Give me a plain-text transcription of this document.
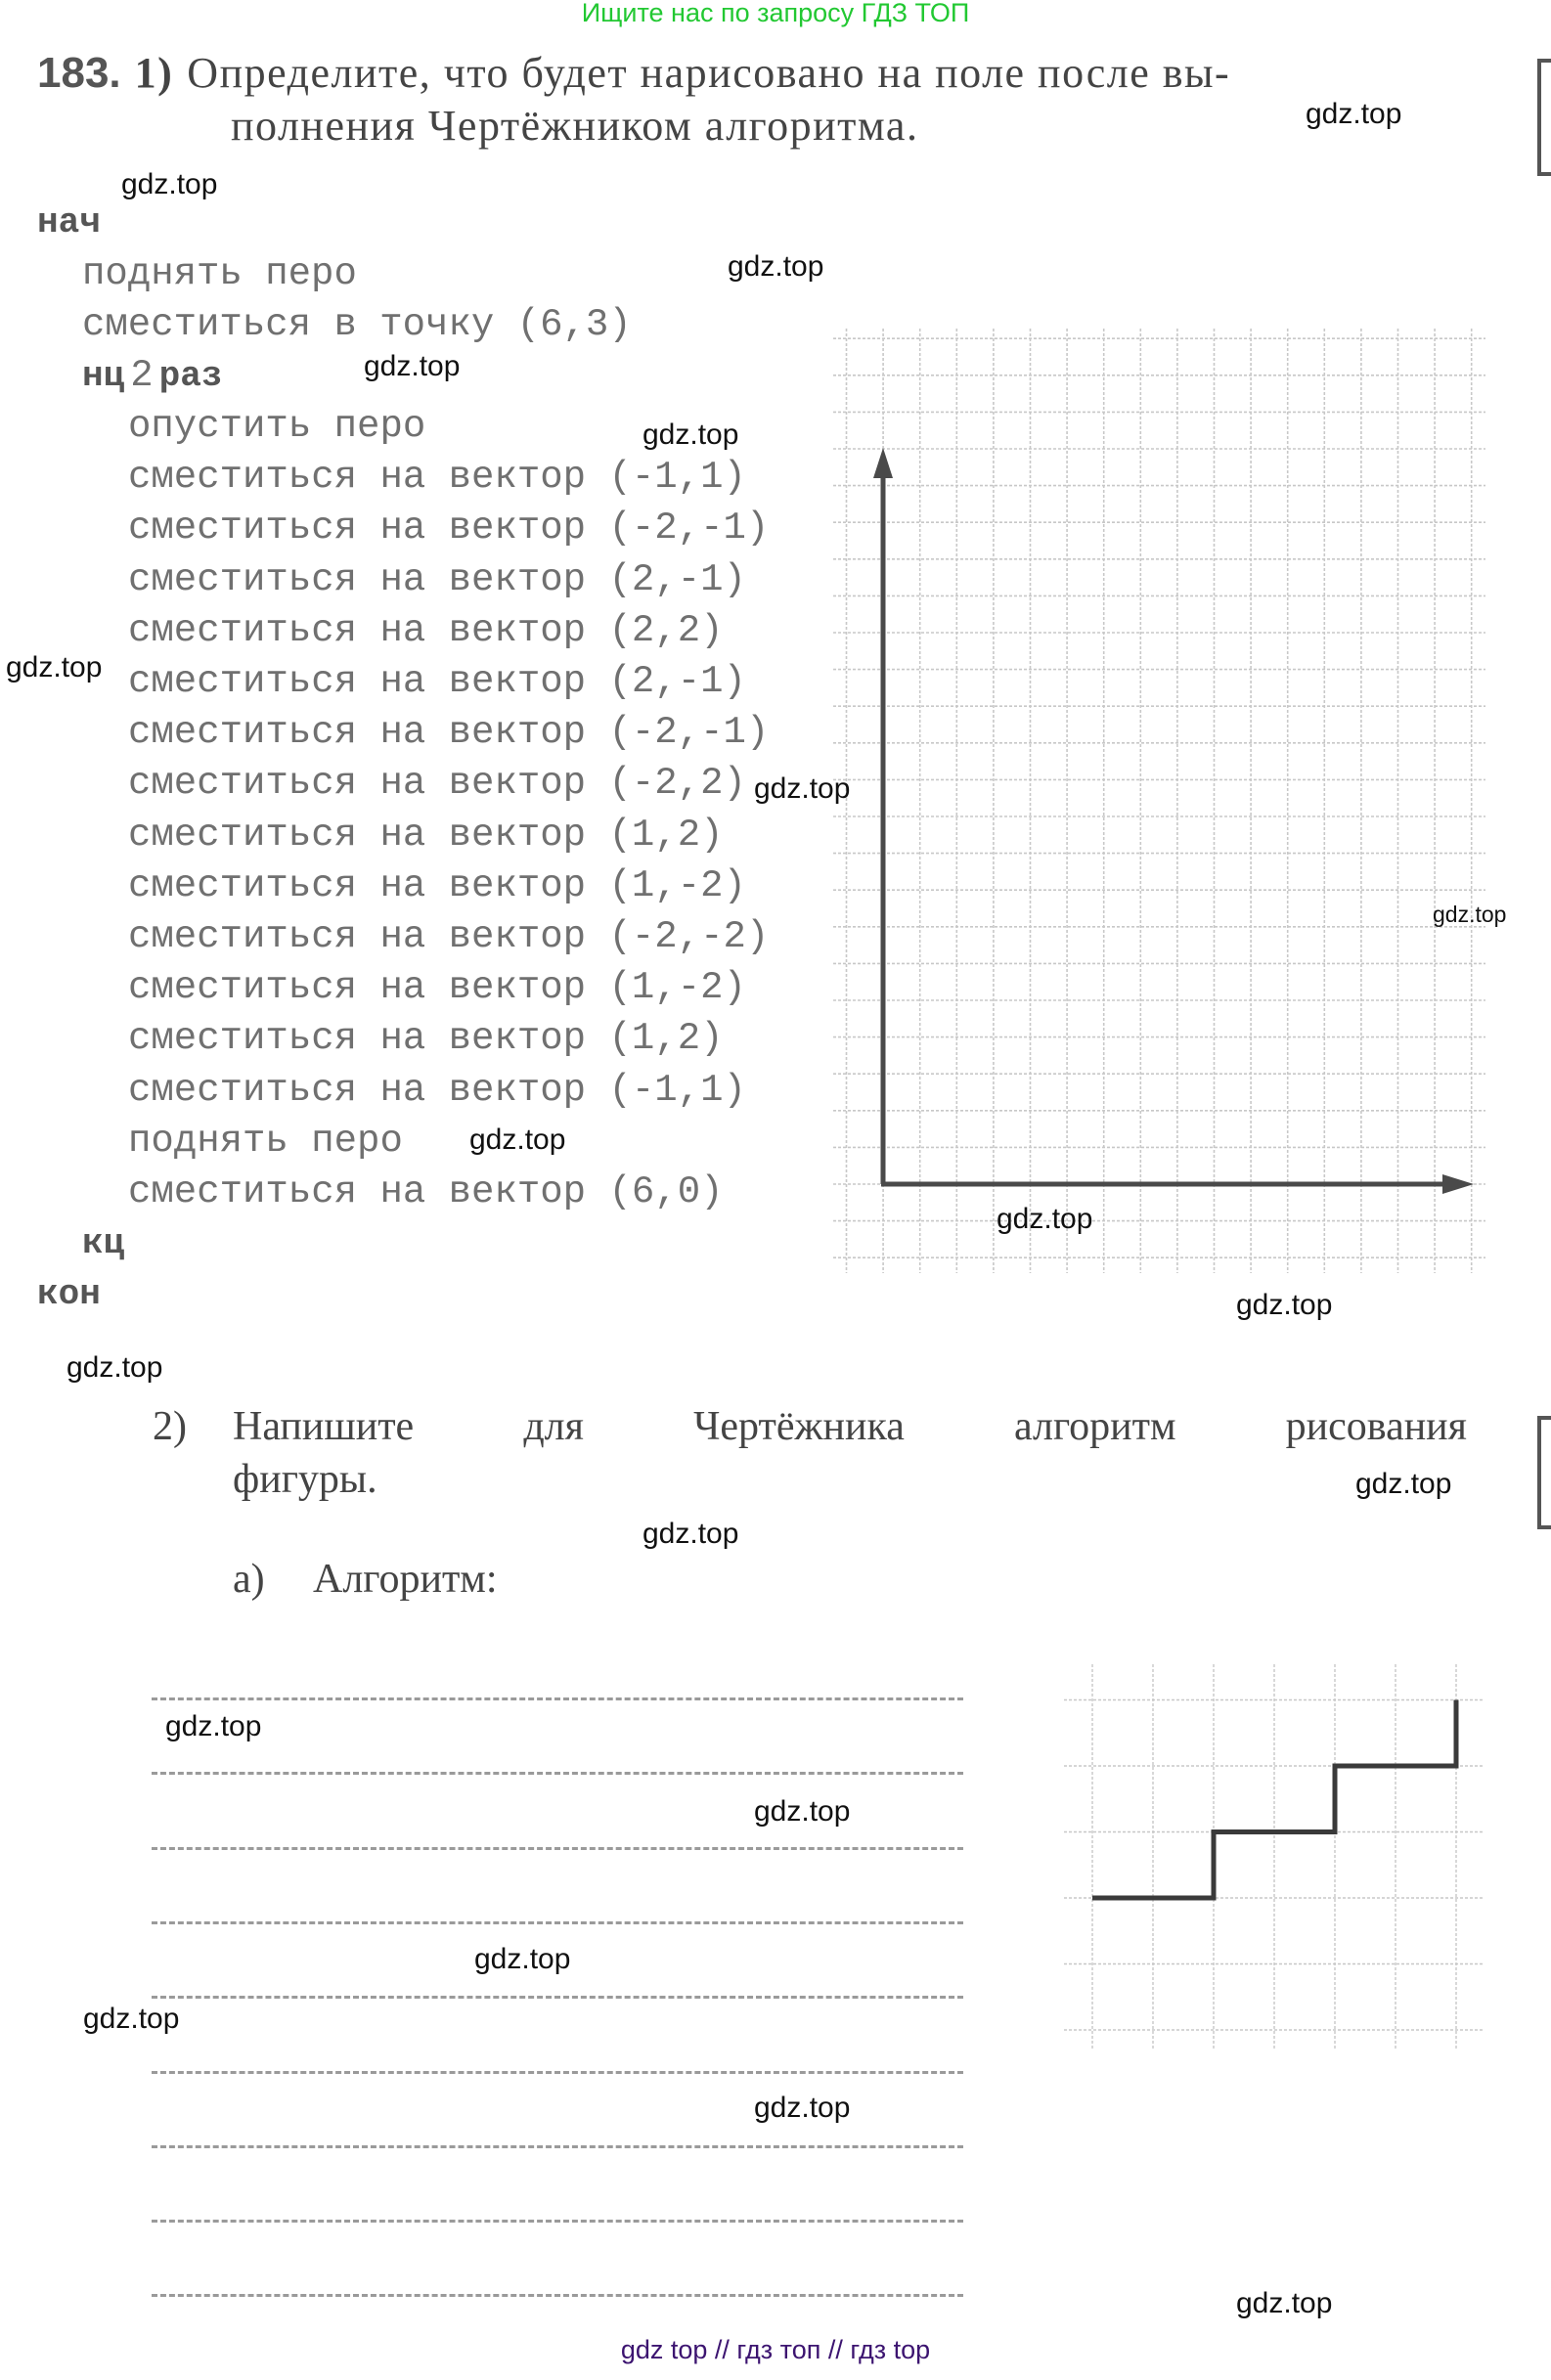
Ищите нас по запросу ГДЗ ТОП
183. 1) Определите, что будет нарисовано на поле после вы-
полнения Чертёжником алгоритма.
нач
поднять перо
сместиться в точку (6,3)
нц 2 раз
опустить перо
сместиться на вектор (-1,1)
сместиться на вектор (-2,-1)
сместиться на вектор (2,-1)
сместиться на вектор (2,2)
сместиться на вектор (2,-1)
сместиться на вектор (-2,-1)
сместиться на вектор (-2,2)
сместиться на вектор (1,2)
сместиться на вектор (1,-2)
сместиться на вектор (-2,-2)
сместиться на вектор (1,-2)
сместиться на вектор (1,2)
сместиться на вектор (-1,1)
поднять перо
сместиться на вектор (6,0)
кц
кон
2) Напишите	для	Чертёжника	алгоритм	рисования
фигуры.
а) Алгоритм:
gdz.top
gdz.top
gdz.top
gdz.top
gdz.top
gdz.top
gdz.top
gdz.top
gdz.top
gdz.top
gdz.top
gdz.top
gdz.top
gdz.top
gdz.top
gdz.top
gdz.top
gdz.top
gdz.top
gdz.top
gdz top // гдз топ // гдз top
